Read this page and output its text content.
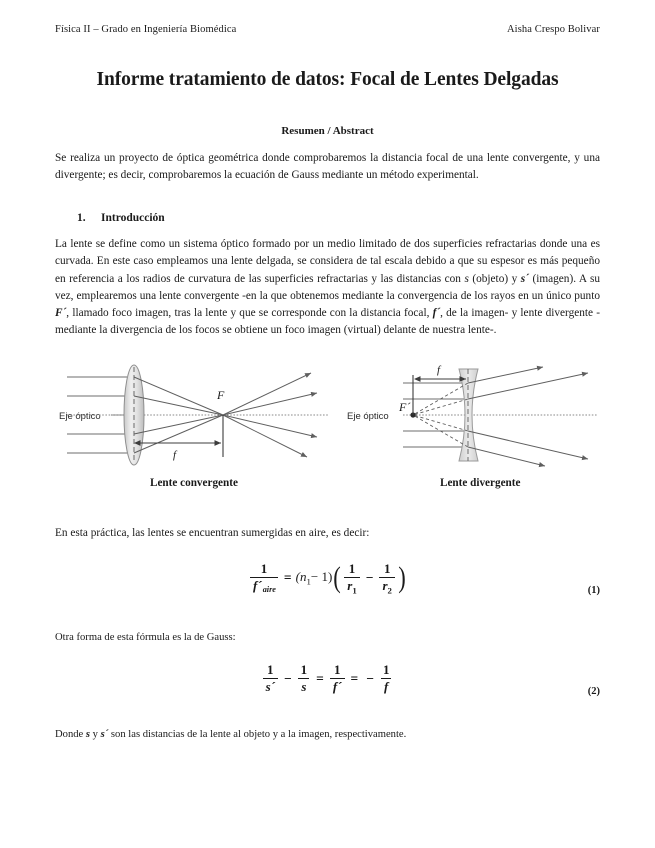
Física II – Grado en Ingeniería Biomédica	Aisha Crespo Bolivar
Informe tratamiento de datos: Focal de Lentes Delgadas
Resumen / Abstract
Se realiza un proyecto de óptica geométrica donde comprobaremos la distancia focal de una lente convergente, y una divergente; es decir, comprobaremos la ecuación de Gauss mediante un método experimental.
1.	Introducción
La lente se define como un sistema óptico formado por un medio limitado de dos superficies refractarias donde una es curvada. En este caso empleamos una lente delgada, se considera de tal escala debido a que su espesor es más pequeño en referencia a los radios de curvatura de las superficies refractarias y las distancias con s (objeto) y s´ (imagen). A su vez, emplearemos una lente convergente -en la que obtenemos mediante la convergencia de los rayos en un único punto F´, llamado foco imagen, tras la lente y que se corresponde con la distancia focal, f´, de la imagen- y lente divergente -mediante la divergencia de los focos se obtiene un foco imagen (virtual) delante de nuestra lente-.
Eje óptico
F
f
Eje óptico
F´
f
Lente convergente	Lente divergente
En esta práctica, las lentes se encuentran sumergidas en aire, es decir:
$\frac{1}{\text{f´aire}} = (n_1- 1)$ ( $\frac{1}{r_1} - \frac{1}{r_2}$ )	(1)
Otra forma de esta fórmula es la de Gauss:
$\frac{1}{s´} - \frac{1}{s} = \frac{1}{f´}$ = − $\frac{1}{f}$	(2)
Donde s y s´ son las distancias de la lente al objeto y a la imagen, respectivamente.
